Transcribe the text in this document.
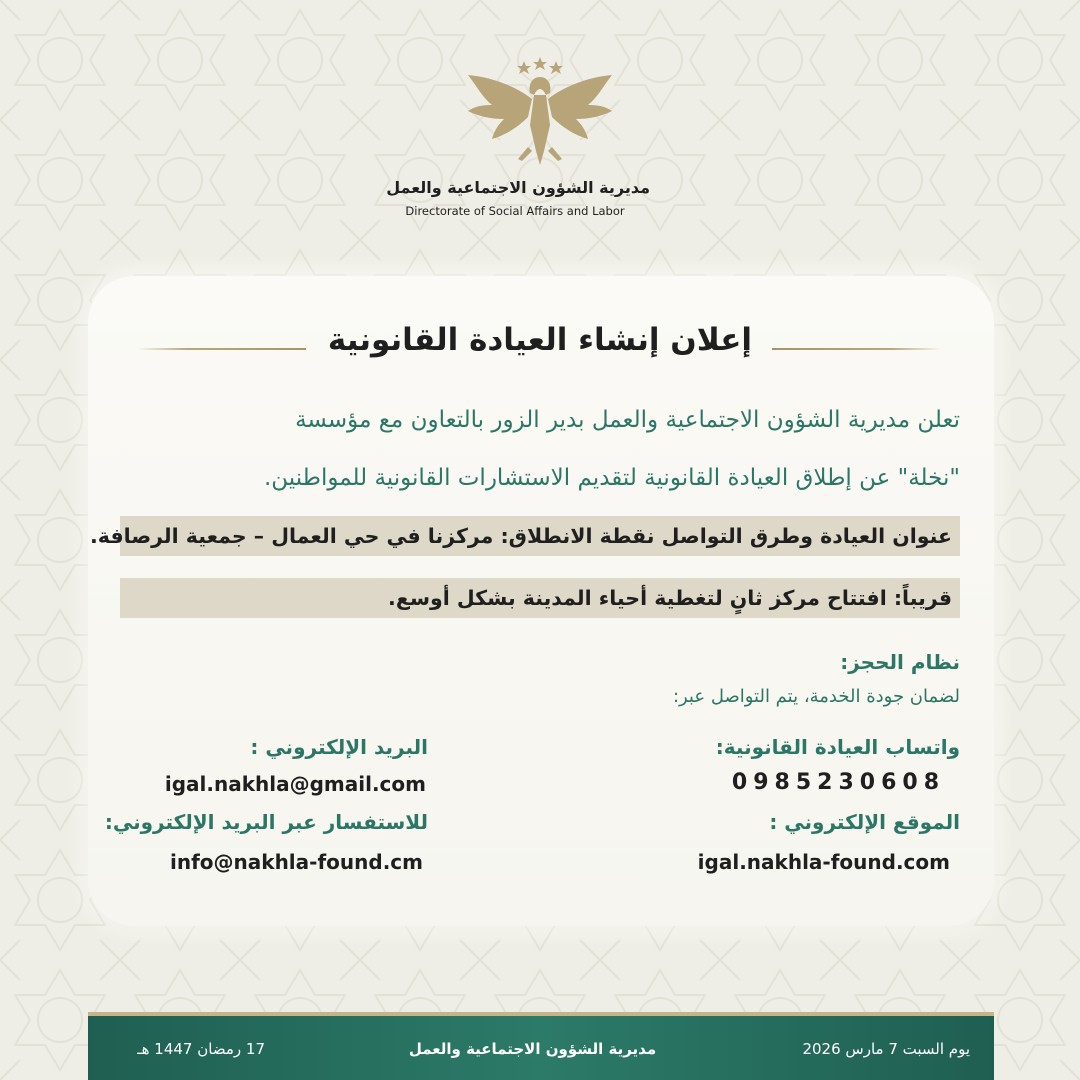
مديرية الشؤون الاجتماعية والعمل
Directorate of Social Affairs and Labor
إعلان إنشاء العيادة القانونية
تعلن مديرية الشؤون الاجتماعية والعمل بدير الزور بالتعاون مع مؤسسة
"نخلة" عن إطلاق العيادة القانونية لتقديم الاستشارات القانونية للمواطنين.
عنوان العيادة وطرق التواصل نقطة الانطلاق: مركزنا في حي العمال – جمعية الرصافة.
قريباً: افتتاح مركز ثانٍ لتغطية أحياء المدينة بشكل أوسع.
نظام الحجز:
لضمان جودة الخدمة، يتم التواصل عبر:
واتساب العيادة القانونية:
0985230608
الموقع الإلكتروني :
igal.nakhla-found.com
البريد الإلكتروني :
igal.nakhla@gmail.com
للاستفسار عبر البريد الإلكتروني:
info@nakhla-found.cm
يوم السبت 7 مارس 2026
مديرية الشؤون الاجتماعية والعمل
17 رمضان 1447 هـ
